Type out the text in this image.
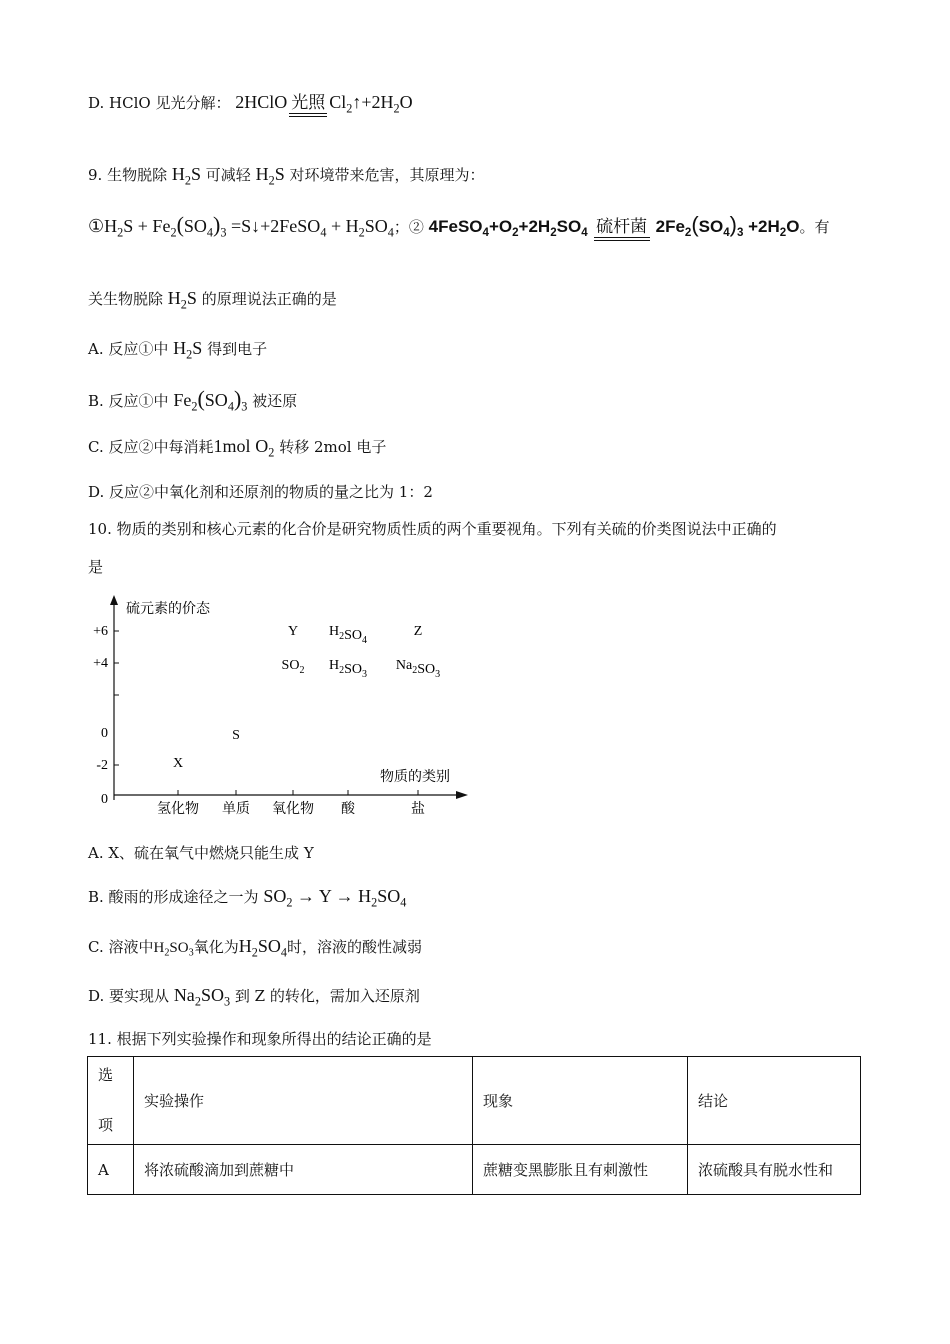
D. HClO 见光分解： 2HClO 光照 $Cl_2↑+2H_2O$
9. 生物脱除 $H_2S$ 可减轻 $H_2S$ 对环境带来危害，其原理为：
$①H_2S + Fe_2(SO_4)_3$ =S↓+2FeSO$_4$ + $H_2SO_4$；② $4FeSO_4+O_2+2H_2SO_4$ 硫杆菌 $2Fe_2(SO_4)_3 +2H_2O$。有
关生物脱除 $H_2S$ 的原理说法正确的是
A. 反应①中 $H_2S$ 得到电子
B. 反应①中 $Fe_2(SO_4)_3$ 被还原
C. 反应②中每消耗1mol $O_2$ 转移 2mol 电子
D. 反应②中氧化剂和还原剂的物质的量之比为 1：2
10. 物质的类别和核心元素的化合价是研究物质性质的两个重要视角。下列有关硫的价类图说法中正确的
是
硫元素的价态
物质的类别
+6
+4
0
-2
0
氢化物 单质 氧化物 酸	盐
X
S
Y
$SO_2$
$H_2SO_4$
$H_2SO_3$
Z
$Na_2SO_3$
A. X、硫在氧气中燃烧只能生成 Y
B. 酸雨的形成途径之一为 $SO_2 \to Y \to H_2SO_4$
C. 溶液中$H_2SO_3$氧化为$H_2SO_4$时，溶液的酸性减弱
D. 要实现从 $Na_2SO_3$ 到 Z 的转化，需加入还原剂
11. 根据下列实验操作和现象所得出的结论正确的是
选

项	实验操作	现象	结论
A	将浓硫酸滴加到蔗糖中	蔗糖变黑膨胀且有刺激性	浓硫酸具有脱水性和
